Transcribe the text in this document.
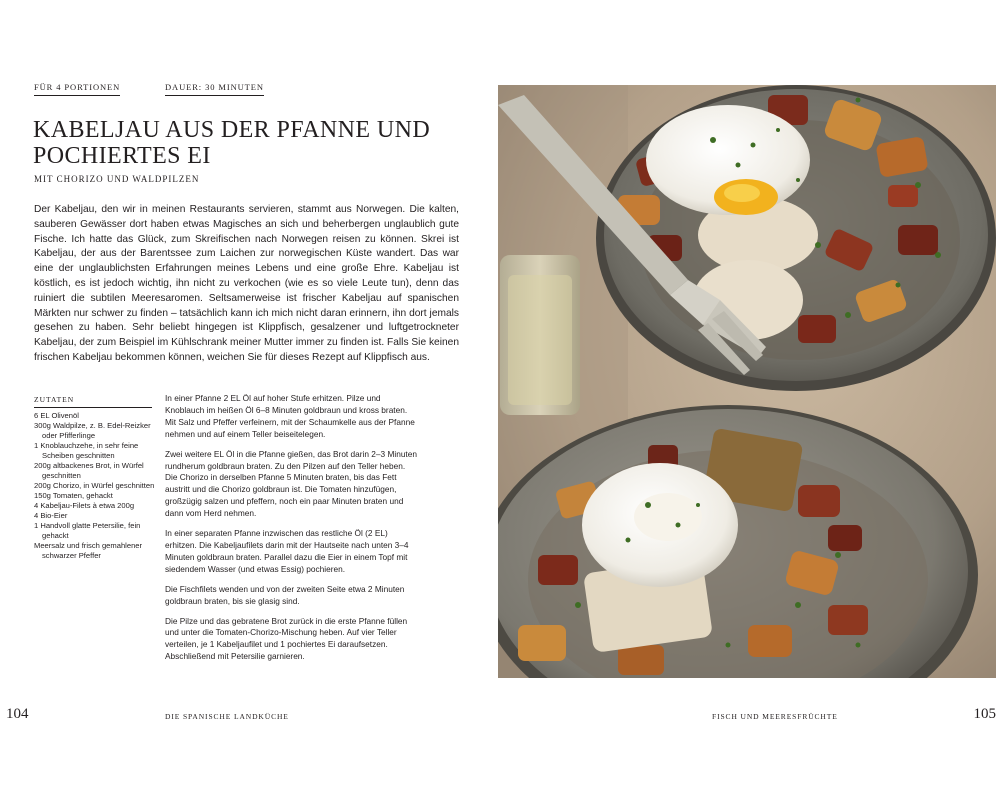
FÜR 4 PORTIONEN	DAUER: 30 MINUTEN
KABELJAU AUS DER PFANNE UND POCHIERTES EI
MIT CHORIZO UND WALDPILZEN

Der Kabeljau, den wir in meinen Restaurants servieren, stammt aus Norwegen. Die kalten, sauberen Gewässer dort haben etwas Magisches an sich und beherbergen unglaublich gute Fische. Ich hatte das Glück, zum Skreifischen nach Norwegen reisen zu können. Skrei ist Kabeljau, der aus der Barentssee zum Laichen zur norwegischen Küste wandert. Das war eine der unglaublichsten Erfahrungen meines Lebens und eine große Ehre. Kabeljau ist köstlich, es ist jedoch wichtig, ihn nicht zu verkochen (wie es so viele Leute tun), denn das ruiniert die subtilen Meeresaromen. Seltsamerweise ist frischer Kabeljau auf spanischen Märkten nur schwer zu finden – tatsächlich kann ich mich nicht daran erinnern, ihn dort jemals gesehen zu haben. Sehr beliebt hingegen ist Klippfisch, gesalzener und luftgetrockneter Kabeljau, der zum Beispiel im Kühlschrank meiner Mutter immer zu finden ist. Falls Sie keinen frischen Kabeljau bekommen können, weichen Sie für dieses Rezept auf Klippfisch aus.

ZUTATEN
6 EL Olivenöl
300g Waldpilze, z. B. Edel-Reizker oder Pfifferlinge
1 Knoblauchzehe, in sehr feine Scheiben geschnitten
200g altbackenes Brot, in Würfel geschnitten
200g Chorizo, in Würfel geschnitten
150g Tomaten, gehackt
4 Kabeljau-Filets à etwa 200g
4 Bio-Eier
1 Handvoll glatte Petersilie, fein gehackt
Meersalz und frisch gemahlener schwarzer Pfeffer

In einer Pfanne 2 EL Öl auf hoher Stufe erhitzen. Pilze und Knoblauch im heißen Öl 6–8 Minuten goldbraun und kross braten. Mit Salz und Pfeffer verfeinern, mit der Schaumkelle aus der Pfanne nehmen und auf einem Teller beiseitelegen.

Zwei weitere EL Öl in die Pfanne gießen, das Brot darin 2–3 Minuten rundherum goldbraun braten. Zu den Pilzen auf den Teller heben. Die Chorizo in derselben Pfanne 5 Minuten braten, bis das Fett austritt und die Chorizo goldbraun ist. Die Tomaten hinzufügen, großzügig salzen und pfeffern, noch ein paar Minuten braten und dann vom Herd nehmen.

In einer separaten Pfanne inzwischen das restliche Öl (2 EL) erhitzen. Die Kabeljaufilets darin mit der Hautseite nach unten 3–4 Minuten goldbraun braten. Parallel dazu die Eier in einem Topf mit siedendem Wasser (und etwas Essig) pochieren.

Die Fischfilets wenden und von der zweiten Seite etwa 2 Minuten goldbraun braten, bis sie glasig sind.

Die Pilze und das gebratene Brot zurück in die erste Pfanne füllen und unter die Tomaten-Chorizo-Mischung heben. Auf vier Teller verteilen, je 1 Kabeljaufilet und 1 pochiertes Ei daraufsetzen. Abschließend mit Petersilie garnieren.

104	DIE SPANISCHE LANDKÜCHE	FISCH UND MEERESFRÜCHTE	105
